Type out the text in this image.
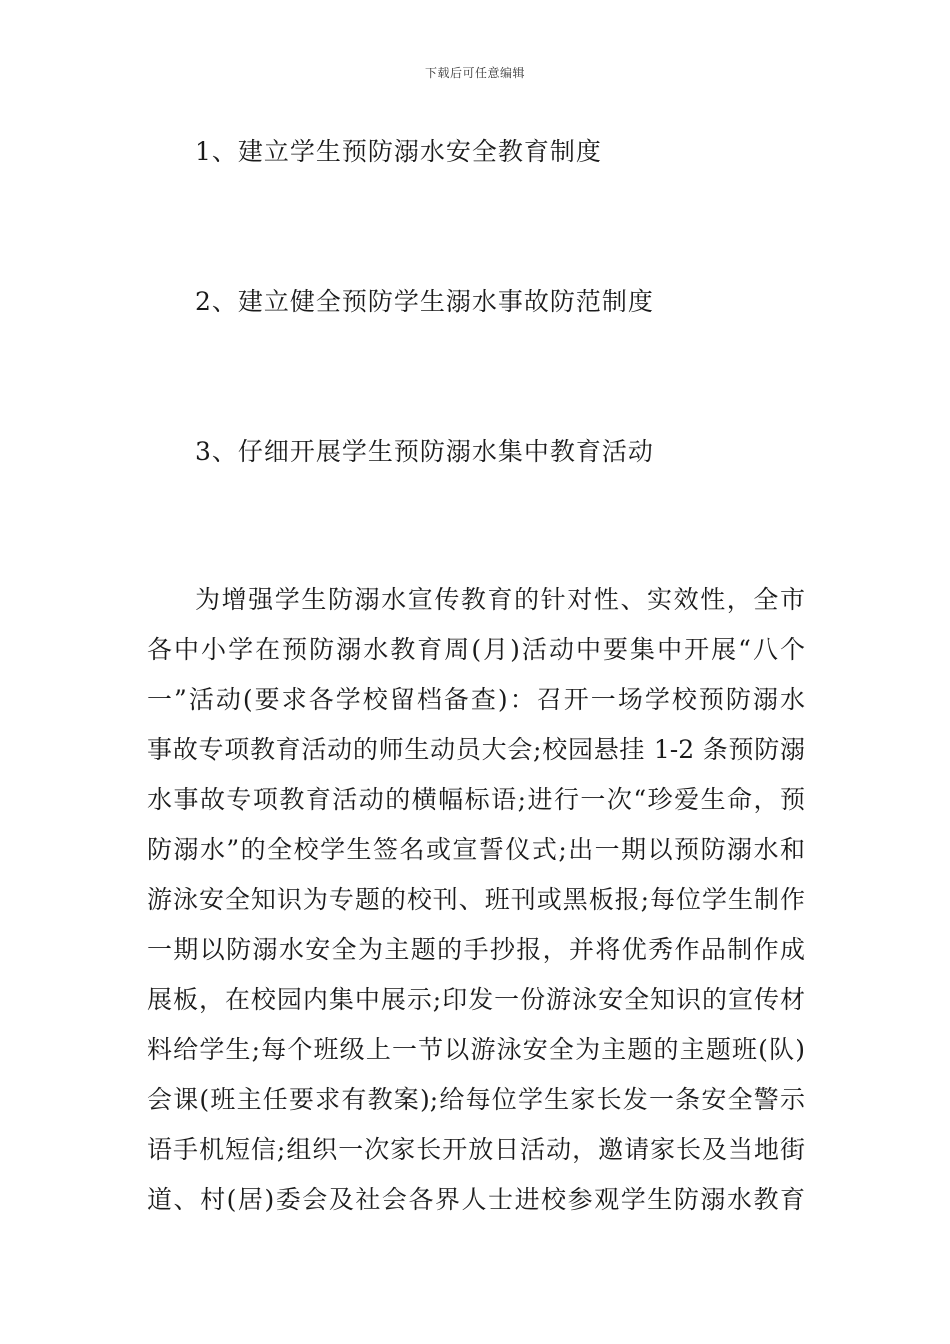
下载后可任意编辑
1、建立学生预防溺水安全教育制度
2、建立健全预防学生溺水事故防范制度
3、仔细开展学生预防溺水集中教育活动
为增强学生防溺水宣传教育的针对性、实效性，全市
各中小学在预防溺水教育周(月)活动中要集中开展“八个
一”活动(要求各学校留档备查)：召开一场学校预防溺水
事故专项教育活动的师生动员大会;校园悬挂 1-2 条预防溺
水事故专项教育活动的横幅标语;进行一次“珍爱生命，预
防溺水”的全校学生签名或宣誓仪式;出一期以预防溺水和
游泳安全知识为专题的校刊、班刊或黑板报;每位学生制作
一期以防溺水安全为主题的手抄报，并将优秀作品制作成
展板，在校园内集中展示;印发一份游泳安全知识的宣传材
料给学生;每个班级上一节以游泳安全为主题的主题班(队)
会课(班主任要求有教案);给每位学生家长发一条安全警示
语手机短信;组织一次家长开放日活动，邀请家长及当地街
道、村(居)委会及社会各界人士进校参观学生防溺水教育
